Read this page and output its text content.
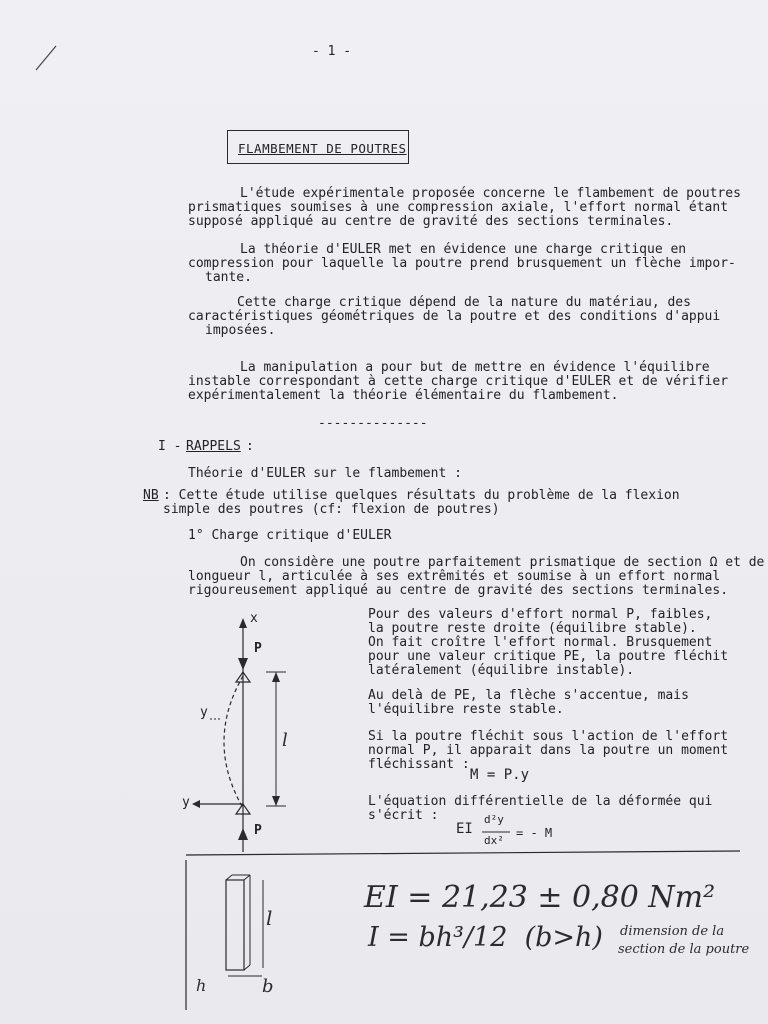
- 1 -
FLAMBEMENT DE POUTRES
L'étude expérimentale proposée concerne le flambement de poutres
prismatiques soumises à une compression axiale, l'effort normal étant
supposé appliqué au centre de gravité des sections terminales.
La théorie d'EULER met en évidence une charge critique en
compression pour laquelle la poutre prend brusquement un flèche impor-
tante.
Cette charge critique dépend de la nature du matériau, des
caractéristiques géométriques de la poutre et des conditions d'appui
imposées.
La manipulation a pour but de mettre en évidence l'équilibre
instable correspondant à cette charge critique d'EULER et de vérifier
expérimentalement la théorie élémentaire du flambement.
--------------
I - RAPPELS :
Théorie d'EULER sur le flambement :
NB : Cette étude utilise quelques résultats du problème de la flexion
simple des poutres (cf: flexion de poutres)
1° Charge critique d'EULER
On considère une poutre parfaitement prismatique de section Ω et de
longueur l, articulée à ses extrêmités et soumise à un effort normal
rigoureusement appliqué au centre de gravité des sections terminales.
Pour des valeurs d'effort normal P, faibles,
la poutre reste droite (équilibre stable).
On fait croître l'effort normal. Brusquement
pour une valeur critique PE, la poutre fléchit
latéralement (équilibre instable).
Au delà de PE, la flèche s'accentue, mais
l'équilibre reste stable.
Si la poutre fléchit sous l'action de l'effort
normal P, il apparait dans la poutre un moment
fléchissant :
M = P.y
L'équation différentielle de la déformée qui
s'écrit :
EI
d²y
dx²
= - M
x
P
y
y
P
l
EI = 21,23 ± 0,80 Nm²
I = bh³/12  (b>h) dimension de la
section de la poutre
l
h	b
